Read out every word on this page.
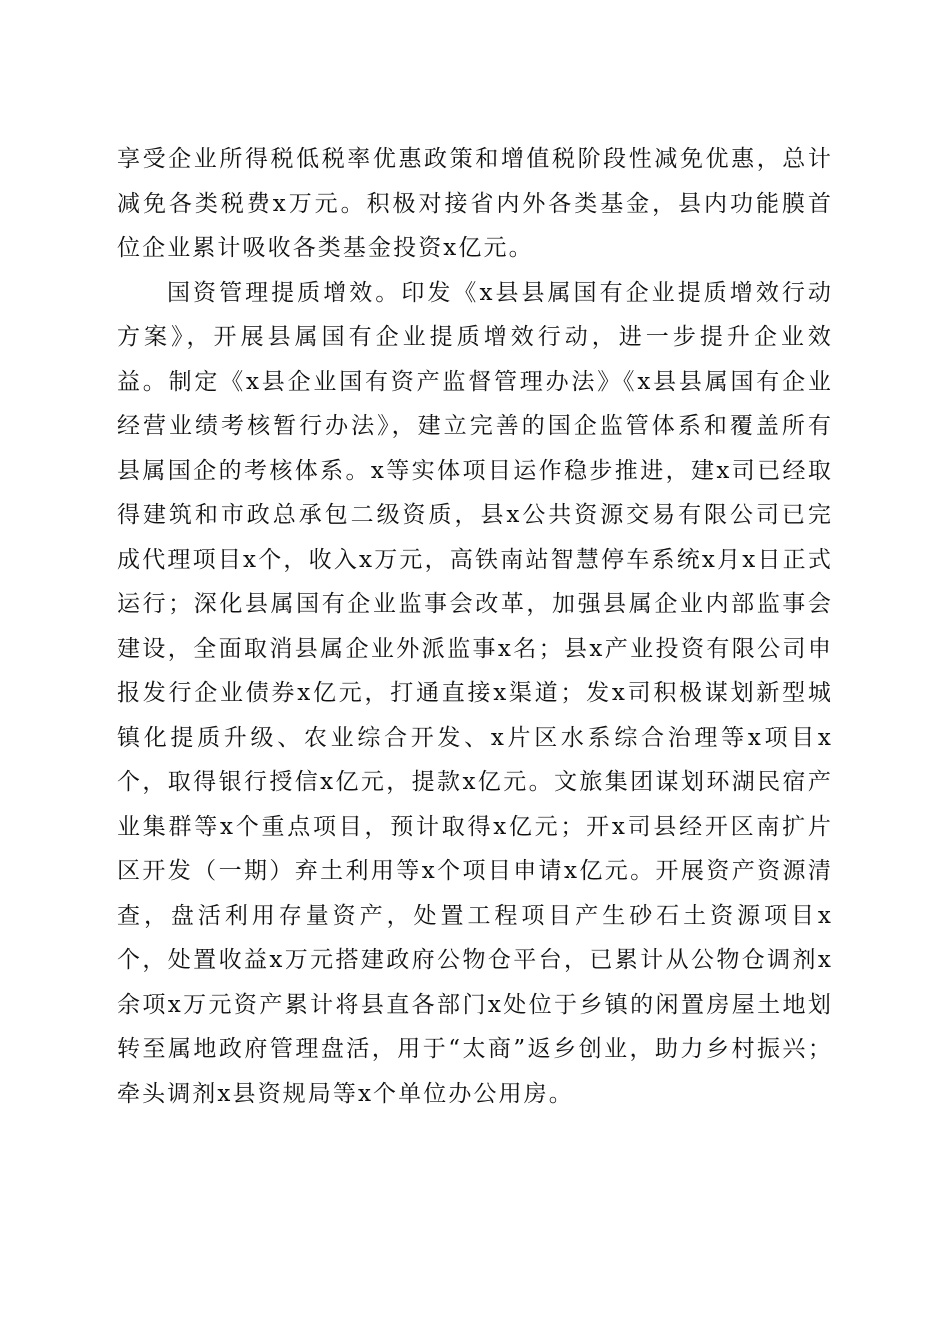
享受企业所得税低税率优惠政策和增值税阶段性减免优惠，总计减免各类税费x万元。积极对接省内外各类基金，县内功能膜首位企业累计吸收各类基金投资x亿元。

国资管理提质增效。印发《x县县属国有企业提质增效行动方案》，开展县属国有企业提质增效行动，进一步提升企业效益。制定《x县企业国有资产监督管理办法》《x县县属国有企业经营业绩考核暂行办法》，建立完善的国企监管体系和覆盖所有县属国企的考核体系。x等实体项目运作稳步推进，建x司已经取得建筑和市政总承包二级资质，县x公共资源交易有限公司已完成代理项目x个，收入x万元，高铁南站智慧停车系统x月x日正式运行；深化县属国有企业监事会改革，加强县属企业内部监事会建设，全面取消县属企业外派监事x名；县x产业投资有限公司申报发行企业债券x亿元，打通直接x渠道；发x司积极谋划新型城镇化提质升级、农业综合开发、x片区水系综合治理等x项目x个，取得银行授信x亿元，提款x亿元。文旅集团谋划环湖民宿产业集群等x个重点项目，预计取得x亿元；开x司县经开区南扩片区开发（一期）弃土利用等x个项目申请x亿元。开展资产资源清查，盘活利用存量资产，处置工程项目产生砂石土资源项目x个，处置收益x万元搭建政府公物仓平台，已累计从公物仓调剂x余项x万元资产累计将县直各部门x处位于乡镇的闲置房屋土地划转至属地政府管理盘活，用于“太商”返乡创业，助力乡村振兴；牵头调剂x县资规局等x个单位办公用房。
